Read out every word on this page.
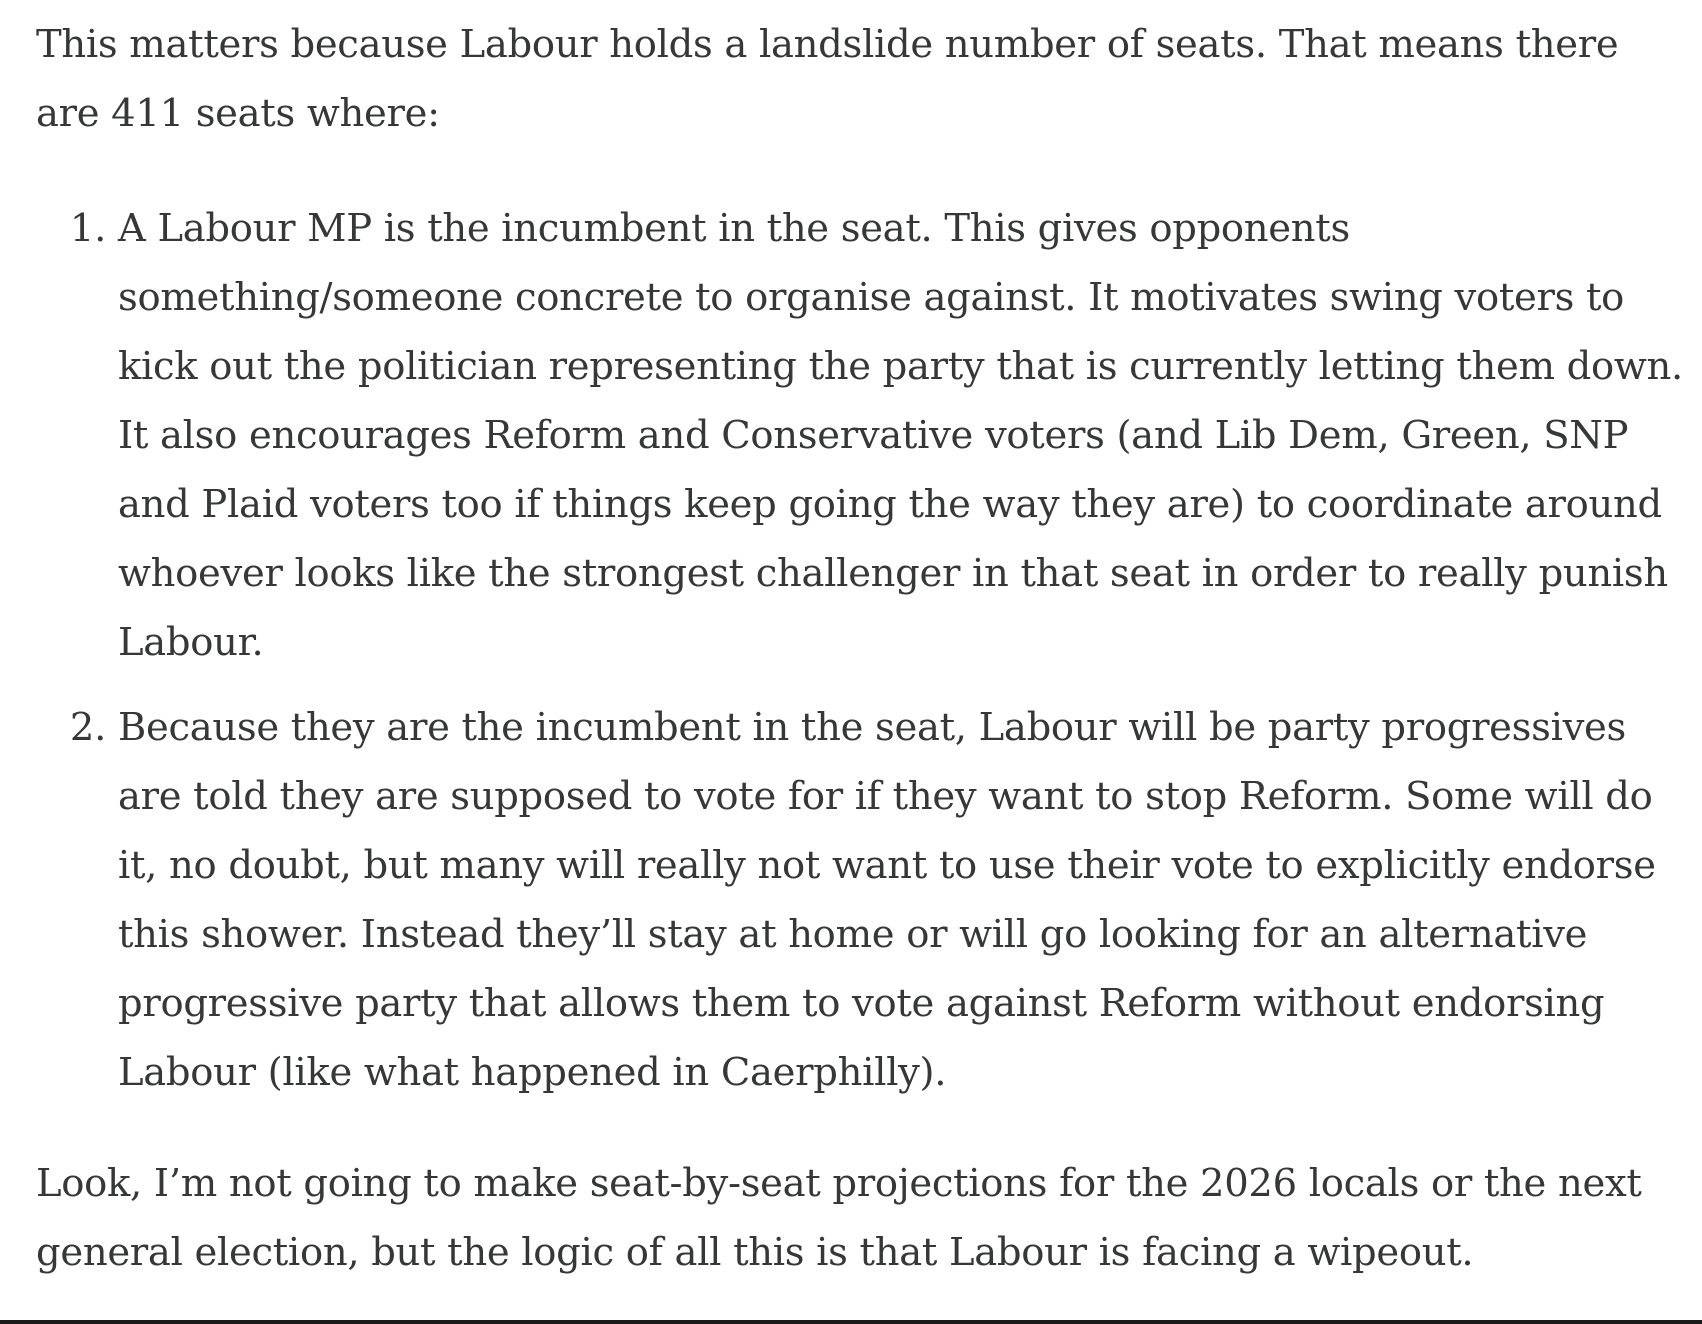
This matters because Labour holds a landslide number of seats. That means there are 411 seats where:

1. A Labour MP is the incumbent in the seat. This gives opponents something/someone concrete to organise against. It motivates swing voters to kick out the politician representing the party that is currently letting them down. It also encourages Reform and Conservative voters (and Lib Dem, Green, SNP and Plaid voters too if things keep going the way they are) to coordinate around whoever looks like the strongest challenger in that seat in order to really punish Labour.
2. Because they are the incumbent in the seat, Labour will be party progressives are told they are supposed to vote for if they want to stop Reform. Some will do it, no doubt, but many will really not want to use their vote to explicitly endorse this shower. Instead they’ll stay at home or will go looking for an alternative progressive party that allows them to vote against Reform without endorsing Labour (like what happened in Caerphilly).

Look, I’m not going to make seat-by-seat projections for the 2026 locals or the next general election, but the logic of all this is that Labour is facing a wipeout.
